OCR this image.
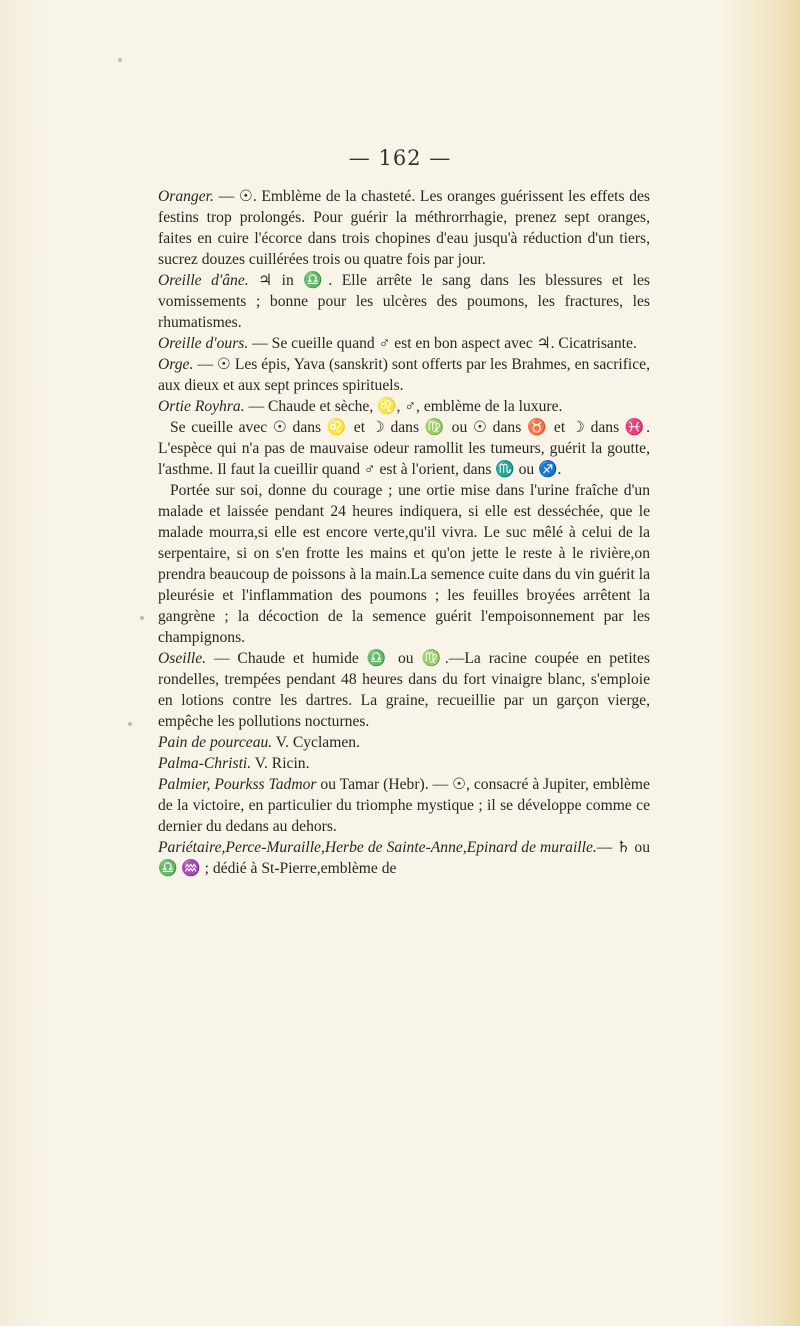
— 162 —

Oranger. — ☉. Emblème de la chasteté. Les oranges guérissent les effets des festins trop prolongés. Pour guérir la méthrorrhagie, prenez sept oranges, faites en cuire l'écorce dans trois chopines d'eau jusqu'à réduction d'un tiers, sucrez douzes cuillérées trois ou quatre fois par jour.

Oreille d'âne. ♃ in ♎. Elle arrête le sang dans les blessures et les vomissements ; bonne pour les ulcères des poumons, les fractures, les rhumatismes.

Oreille d'ours. — Se cueille quand ♂ est en bon aspect avec ♃. Cicatrisante.

Orge. — ☉ Les épis, Yava (sanskrit) sont offerts par les Brahmes, en sacrifice, aux dieux et aux sept princes spirituels.

Ortie Royhra. — Chaude et sèche, ♌, ♂, emblème de la luxure.

Se cueille avec ☉ dans ♌ et ☽ dans ♍ ou ☉ dans ♉ et ☽ dans ♓. L'espèce qui n'a pas de mauvaise odeur ramollit les tumeurs, guérit la goutte, l'asthme. Il faut la cueillir quand ♂ est à l'orient, dans ♏ ou ♐.

Portée sur soi, donne du courage ; une ortie mise dans l'urine fraîche d'un malade et laissée pendant 24 heures indiquera, si elle est desséchée, que le malade mourra,si elle est encore verte,qu'il vivra. Le suc mêlé à celui de la serpentaire, si on s'en frotte les mains et qu'on jette le reste à le rivière,on prendra beaucoup de poissons à la main.La semence cuite dans du vin guérit la pleurésie et l'inflammation des poumons ; les feuilles broyées arrêtent la gangrène ; la décoction de la semence guérit l'empoisonnement par les champignons.

Oseille. — Chaude et humide ♎ ou ♍.—La racine coupée en petites rondelles, trempées pendant 48 heures dans du fort vinaigre blanc, s'emploie en lotions contre les dartres. La graine, recueillie par un garçon vierge, empêche les pollutions nocturnes.

Pain de pourceau. V. Cyclamen.

Palma-Christi. V. Ricin.

Palmier, Pourkss Tadmor ou Tamar (Hebr). — ☉, consacré à Jupiter, emblème de la victoire, en particulier du triomphe mystique ; il se développe comme ce dernier du dedans au dehors.

Pariétaire,Perce-Muraille,Herbe de Sainte-Anne,Epinard de muraille.— ♄ ou ♎ ♒ ; dédié à St-Pierre,emblème de
